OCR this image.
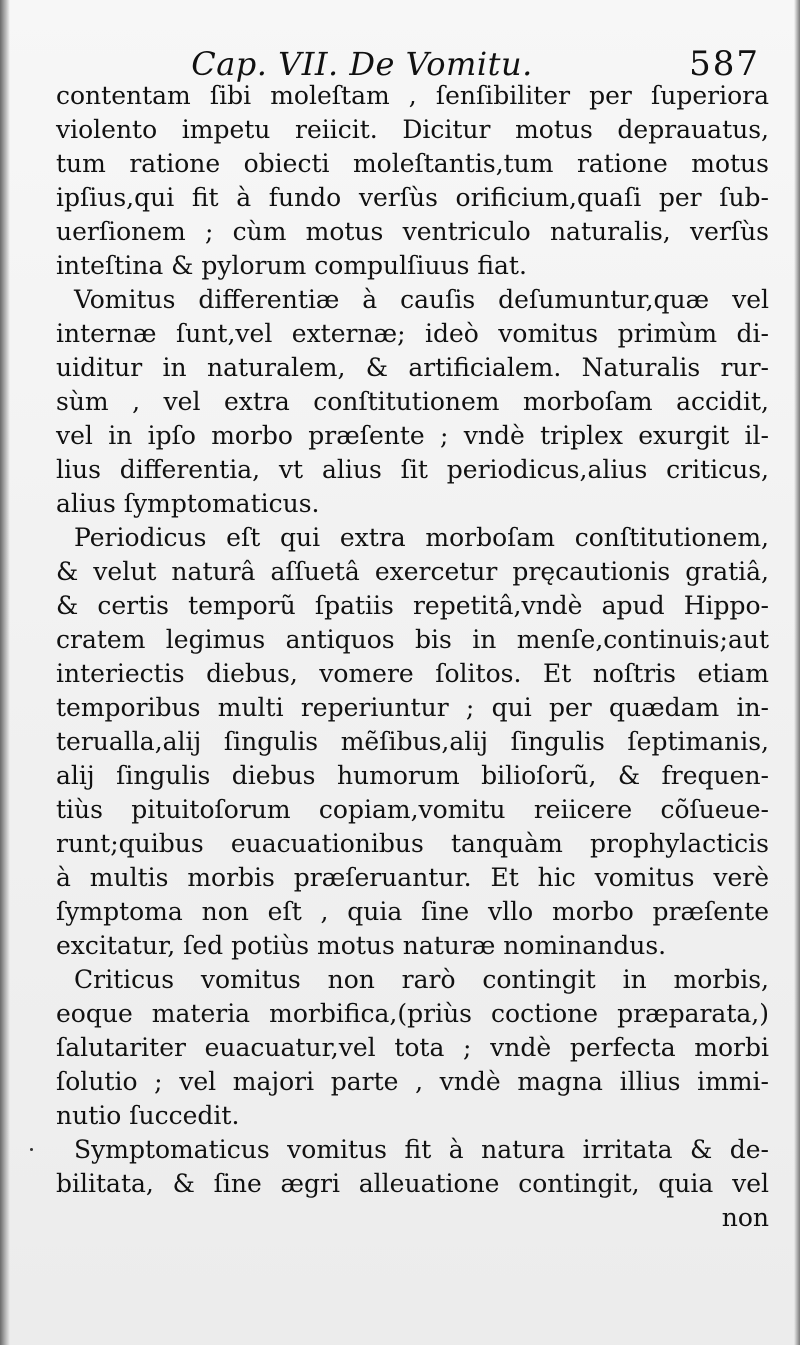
Cap. VII. De Vomitu.	587
contentam ſibi moleſtam , ſenſibiliter per ſuperiora
violento impetu reiicit. Dicitur motus deprauatus,
tum ratione obiecti moleſtantis,tum ratione motus
ipſius,qui fit à fundo verſùs orificium,quaſi per ſub-
uerſionem ; cùm motus ventriculo naturalis, verſùs
inteſtina & pylorum compulſiuus fiat.
Vomitus differentiæ à cauſis deſumuntur,quæ vel
internæ ſunt,vel externæ; ideò vomitus primùm di-
uiditur in naturalem, & artificialem. Naturalis rur-
sùm , vel extra conſtitutionem morboſam accidit,
vel in ipſo morbo præſente ; vndè triplex exurgit il-
lius differentia, vt alius ſit periodicus,alius criticus,
alius ſymptomaticus.
Periodicus eſt qui extra morboſam conſtitutionem,
& velut naturâ aſſuetâ exercetur pręcautionis gratiâ,
& certis temporũ ſpatiis repetitâ,vndè apud Hippo-
cratem legimus antiquos bis in menſe,continuis;aut
interiectis diebus, vomere ſolitos. Et noſtris etiam
temporibus multi reperiuntur ; qui per quædam in-
terualla,alij ſingulis mẽſibus,alij ſingulis ſeptimanis,
alij ſingulis diebus humorum bilioſorũ, & frequen-
tiùs pituitoſorum copiam,vomitu reiicere cõſueue-
runt;quibus euacuationibus tanquàm prophylacticis
à multis morbis præſeruantur. Et hic vomitus verè
ſymptoma non eſt , quia ſine vllo morbo præſente
excitatur, ſed potiùs motus naturæ nominandus.
Criticus vomitus non rarò contingit in morbis,
eoque materia morbifica,(priùs coctione præparata,)
ſalutariter euacuatur,vel tota ; vndè perfecta morbi
ſolutio ; vel majori parte , vndè magna illius immi-
nutio ſuccedit.
Symptomaticus vomitus fit à natura irritata & de-
bilitata, & ſine ægri alleuatione contingit, quia vel
non
